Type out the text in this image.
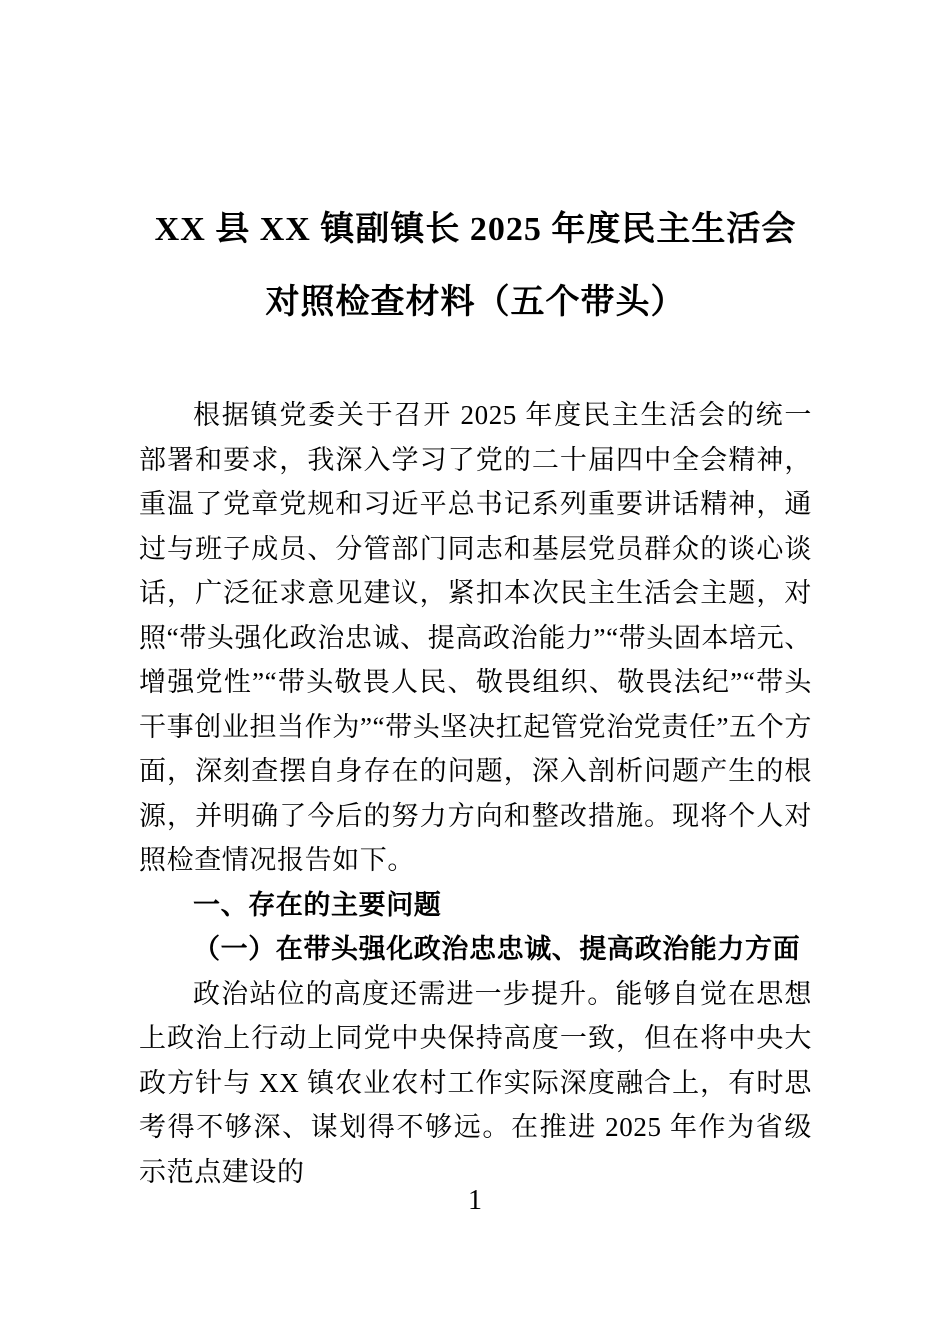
XX 县 XX 镇副镇长 2025 年度民主生活会
对照检查材料（五个带头）

根据镇党委关于召开 2025 年度民主生活会的统一部署和要求，我深入学习了党的二十届四中全会精神，重温了党章党规和习近平总书记系列重要讲话精神，通过与班子成员、分管部门同志和基层党员群众的谈心谈话，广泛征求意见建议，紧扣本次民主生活会主题，对照“带头强化政治忠诚、提高政治能力”“带头固本培元、增强党性”“带头敬畏人民、敬畏组织、敬畏法纪”“带头干事创业担当作为”“带头坚决扛起管党治党责任”五个方面，深刻查摆自身存在的问题，深入剖析问题产生的根源，并明确了今后的努力方向和整改措施。现将个人对照检查情况报告如下。

一、存在的主要问题

（一）在带头强化政治忠忠诚、提高政治能力方面

政治站位的高度还需进一步提升。能够自觉在思想上政治上行动上同党中央保持高度一致，但在将中央大政方针与 XX 镇农业农村工作实际深度融合上，有时思考得不够深、谋划得不够远。在推进 2025 年作为省级示范点建设的

1
